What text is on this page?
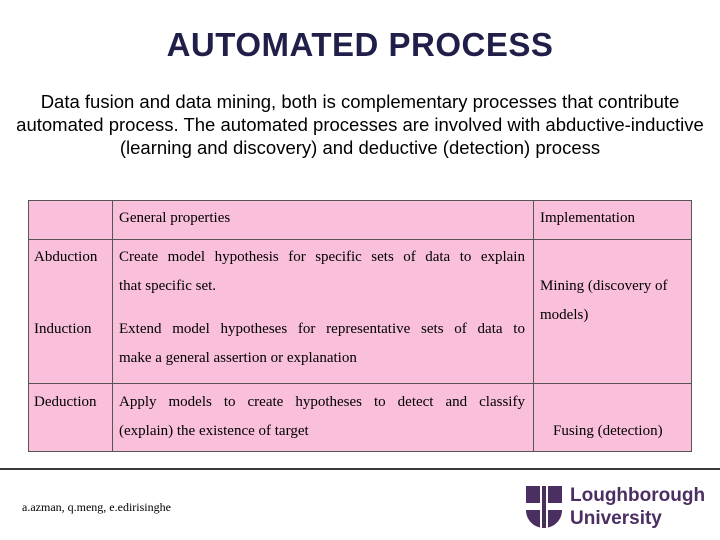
AUTOMATED PROCESS
Data fusion and data mining, both is complementary processes that contribute automated process. The automated processes are involved with abductive-inductive (learning and discovery) and deductive (detection) process
General properties	Implementation
Abduction Create model hypothesis for specific sets of data to explain
that specific set.
Induction Extend model hypotheses for representative sets of data to
make a general assertion or explanation
Mining (discovery of
models)
Deduction Apply models to create hypotheses to detect and classify
(explain) the existence of target	Fusing (detection)
a.azman, q.meng, e.edirisinghe
Loughborough
University
